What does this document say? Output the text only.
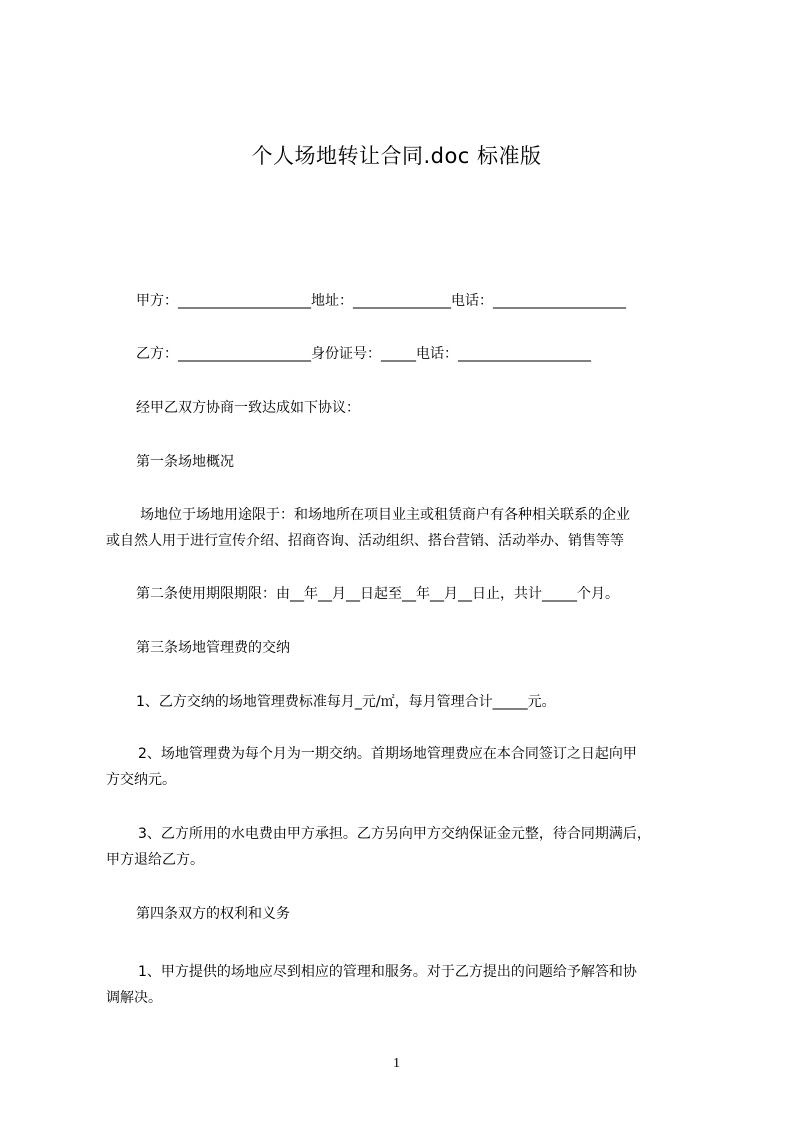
个人场地转让合同.doc 标准版
甲方：___________________地址：______________电话：___________________
乙方：___________________身份证号：_____电话：___________________
经甲乙双方协商一致达成如下协议：
第一条场地概况
场地位于场地用途限于：和场地所在项目业主或租赁商户有各种相关联系的企业
或自然人用于进行宣传介绍、招商咨询、活动组织、搭台营销、活动举办、销售等等
第二条使用期限期限：由__年__月__日起至__年__月__日止，共计_____个月。
第三条场地管理费的交纳
1、乙方交纳的场地管理费标准每月_元/㎡，每月管理合计_____元。
2、场地管理费为每个月为一期交纳。首期场地管理费应在本合同签订之日起向甲
方交纳元。
3、乙方所用的水电费由甲方承担。乙方另向甲方交纳保证金元整，待合同期满后，
甲方退给乙方。
第四条双方的权利和义务
1、甲方提供的场地应尽到相应的管理和服务。对于乙方提出的问题给予解答和协
调解决。
1
